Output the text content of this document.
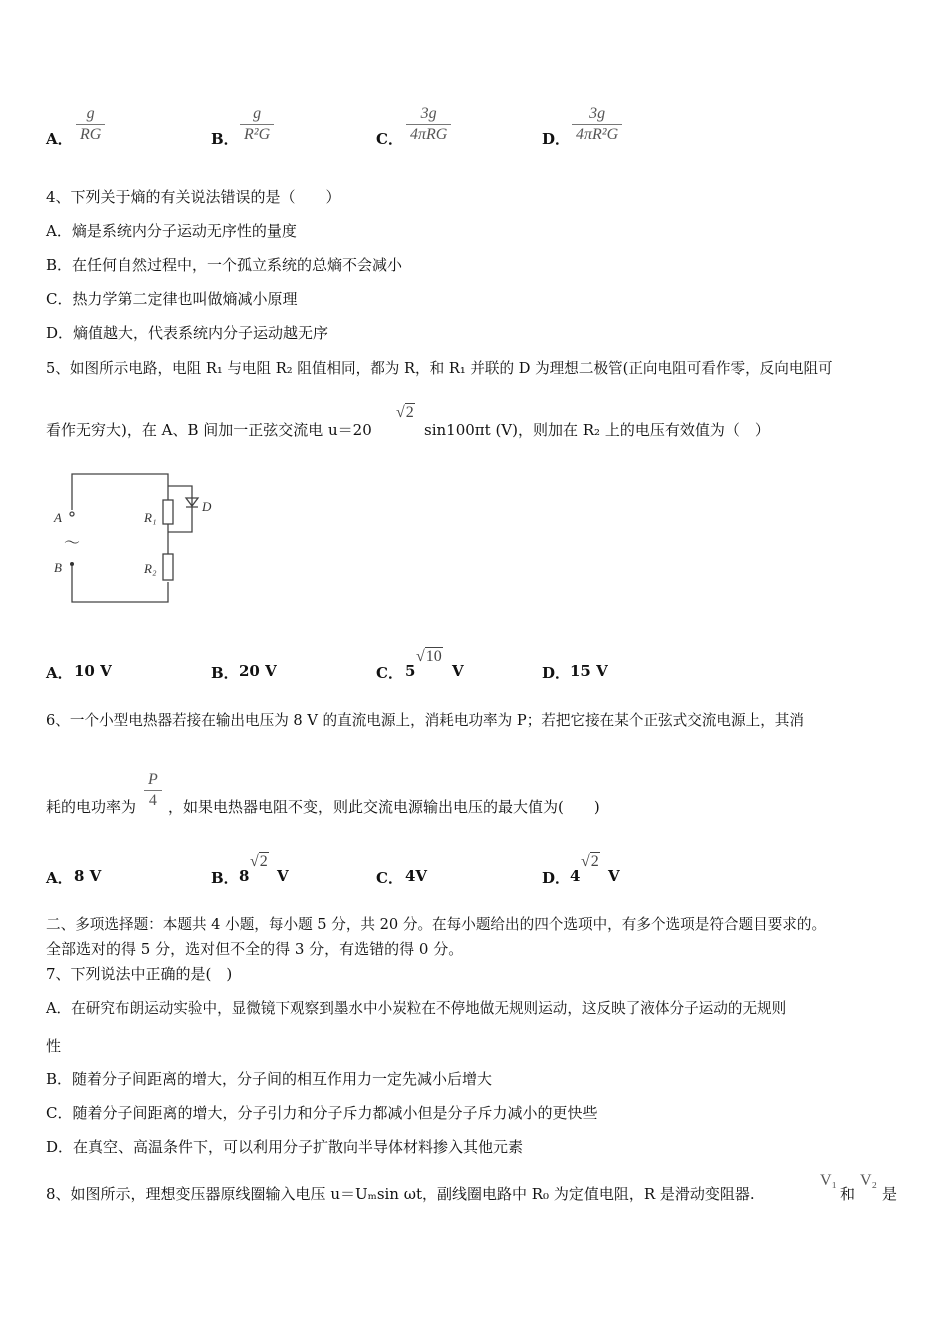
A．
g
RG	B．
g
R²G	C．
3g
4πRG	D．
3g
4πR²G
4、下列关于熵的有关说法错误的是（　　）
A．熵是系统内分子运动无序性的量度
B．在任何自然过程中，一个孤立系统的总熵不会减小
C．热力学第二定律也叫做熵减小原理
D．熵值越大，代表系统内分子运动越无序
5、如图所示电路，电阻 R₁ 与电阻 R₂ 阻值相同，都为 R，和 R₁ 并联的 D 为理想二极管(正向电阻可看作零，反向电阻可
看作无穷大)，在 A、B 间加一正弦交流电 u＝20
√2
sin100πt (V)，则加在 R₂ 上的电压有效值为（　）
A
B
～
R₁
R₂
D
A． 10 V	B． 20 V	C． 5
√10
V	D． 15 V
6、一个小型电热器若接在输出电压为 8 V 的直流电源上，消耗电功率为 P；若把它接在某个正弦式交流电源上，其消
耗的电功率为
P
4 ，如果电热器电阻不变，则此交流电源输出电压的最大值为(　　)
A． 8 V	B． 8
√2
V	C． 4V	D． 4
√2
V
二、多项选择题：本题共 4 小题，每小题 5 分，共 20 分。在每小题给出的四个选项中，有多个选项是符合题目要求的。
全部选对的得 5 分，选对但不全的得 3 分，有选错的得 0 分。
7、下列说法中正确的是(　)
A．在研究布朗运动实验中，显微镜下观察到墨水中小炭粒在不停地做无规则运动，这反映了液体分子运动的无规则
性
B．随着分子间距离的增大，分子间的相互作用力一定先减小后增大
C．随着分子间距离的增大，分子引力和分子斥力都减小但是分子斥力减小的更快些
D．在真空、高温条件下，可以利用分子扩散向半导体材料掺入其他元素
8、如图所示，理想变压器原线圈输入电压 u＝Uₘsin ωt，副线圈电路中 R₀ 为定值电阻，R 是滑动变阻器.
V₁
和
V₂
是
